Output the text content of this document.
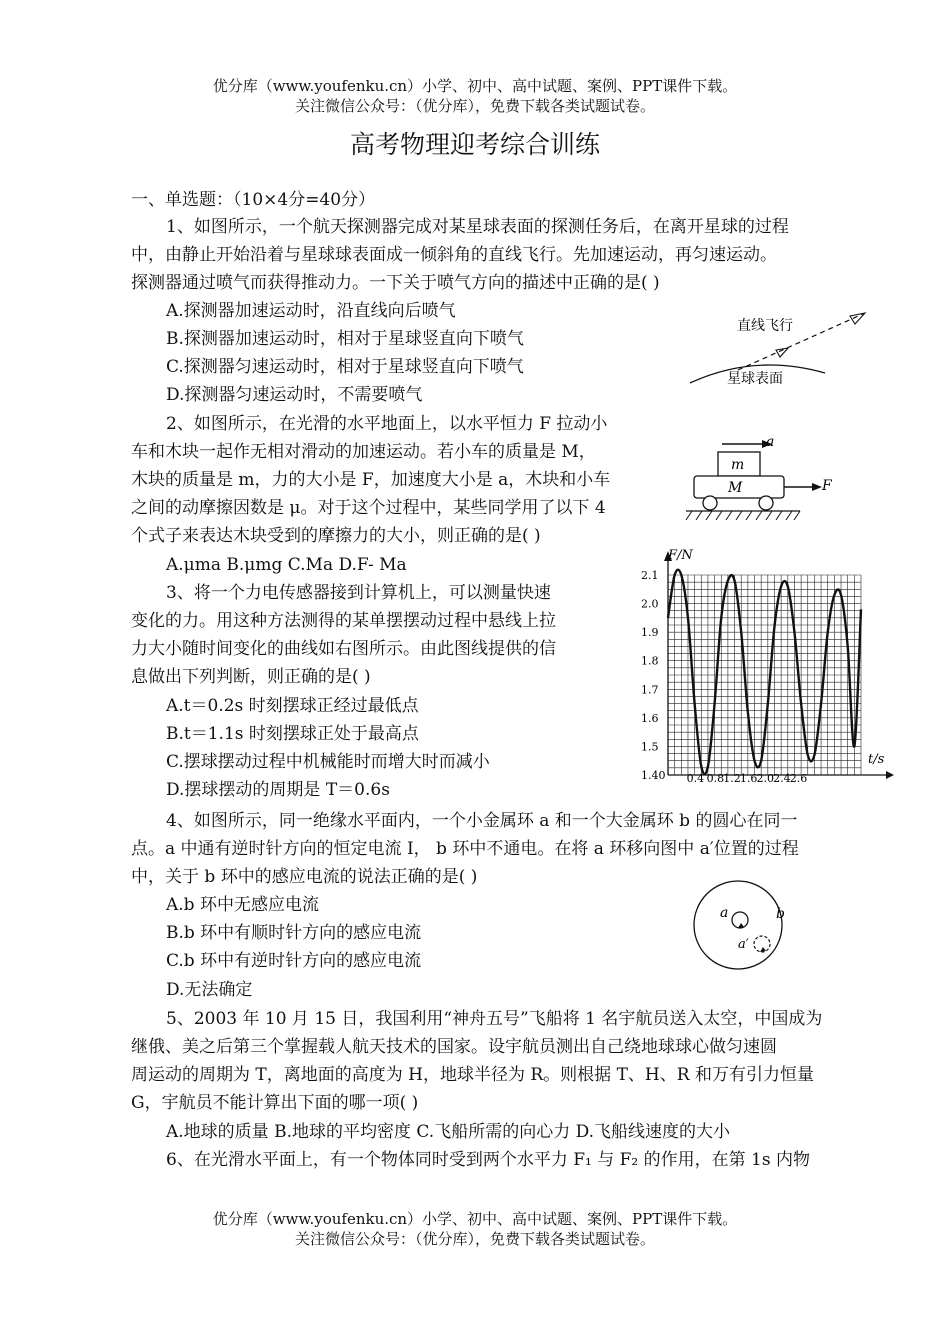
优分库（www.youfenku.cn）小学、初中、高中试题、案例、PPT课件下载。
关注微信公众号：（优分库），免费下载各类试题试卷。
高考物理迎考综合训练
一、单选题：（10×4分=40分）
1、如图所示，一个航天探测器完成对某星球表面的探测任务后，在离开星球的过程
中，由静止开始沿着与星球球表面成一倾斜角的直线飞行。先加速运动，再匀速运动。
探测器通过喷气而获得推动力。一下关于喷气方向的描述中正确的是( )
A.探测器加速运动时，沿直线向后喷气
B.探测器加速运动时，相对于星球竖直向下喷气
C.探测器匀速运动时，相对于星球竖直向下喷气
D.探测器匀速运动时，不需要喷气
直线飞行
星球表面
2、如图所示，在光滑的水平地面上，以水平恒力 F 拉动小
车和木块一起作无相对滑动的加速运动。若小车的质量是 M，
木块的质量是 m，力的大小是 F，加速度大小是 a，木块和小车
之间的动摩擦因数是 μ。对于这个过程中，某些同学用了以下 4
个式子来表达木块受到的摩擦力的大小，则正确的是( )
A.μma B.μmg C.Ma D.F- Ma
a
m
M	F
3、将一个力电传感器接到计算机上，可以测量快速
变化的力。用这种方法测得的某单摆摆动过程中悬线上拉
力大小随时间变化的曲线如右图所示。由此图线提供的信
息做出下列判断，则正确的是( )
A.t＝0.2s 时刻摆球正经过最低点
B.t＝1.1s 时刻摆球正处于最高点
C.摆球摆动过程中机械能时而增大时而减小
D.摆球摆动的周期是 T＝0.6s
1.40
1.5
1.6
1.7
1.8
1.9
2.0
2.1
0.4 0.8 1.2 1.6 2.0 2.4 2.6
F/N
t/s
4、如图所示，同一绝缘水平面内，一个小金属环 a 和一个大金属环 b 的圆心在同一
点。a 中通有逆时针方向的恒定电流 I， b 环中不通电。在将 a 环移向图中 a′位置的过程
中，关于 b 环中的感应电流的说法正确的是( )
A.b 环中无感应电流
B.b 环中有顺时针方向的感应电流
C.b 环中有逆时针方向的感应电流
D.无法确定
a	b
a′
5、2003 年 10 月 15 日，我国利用“神舟五号”飞船将 1 名宇航员送入太空，中国成为
继俄、美之后第三个掌握载人航天技术的国家。设宇航员测出自己绕地球球心做匀速圆
周运动的周期为 T，离地面的高度为 H，地球半径为 R。则根据 T、H、R 和万有引力恒量
G，宇航员不能计算出下面的哪一项( )
A.地球的质量 B.地球的平均密度 C.飞船所需的向心力 D.飞船线速度的大小
6、在光滑水平面上，有一个物体同时受到两个水平力 F₁ 与 F₂ 的作用，在第 1s 内物
优分库（www.youfenku.cn）小学、初中、高中试题、案例、PPT课件下载。
关注微信公众号：（优分库），免费下载各类试题试卷。
